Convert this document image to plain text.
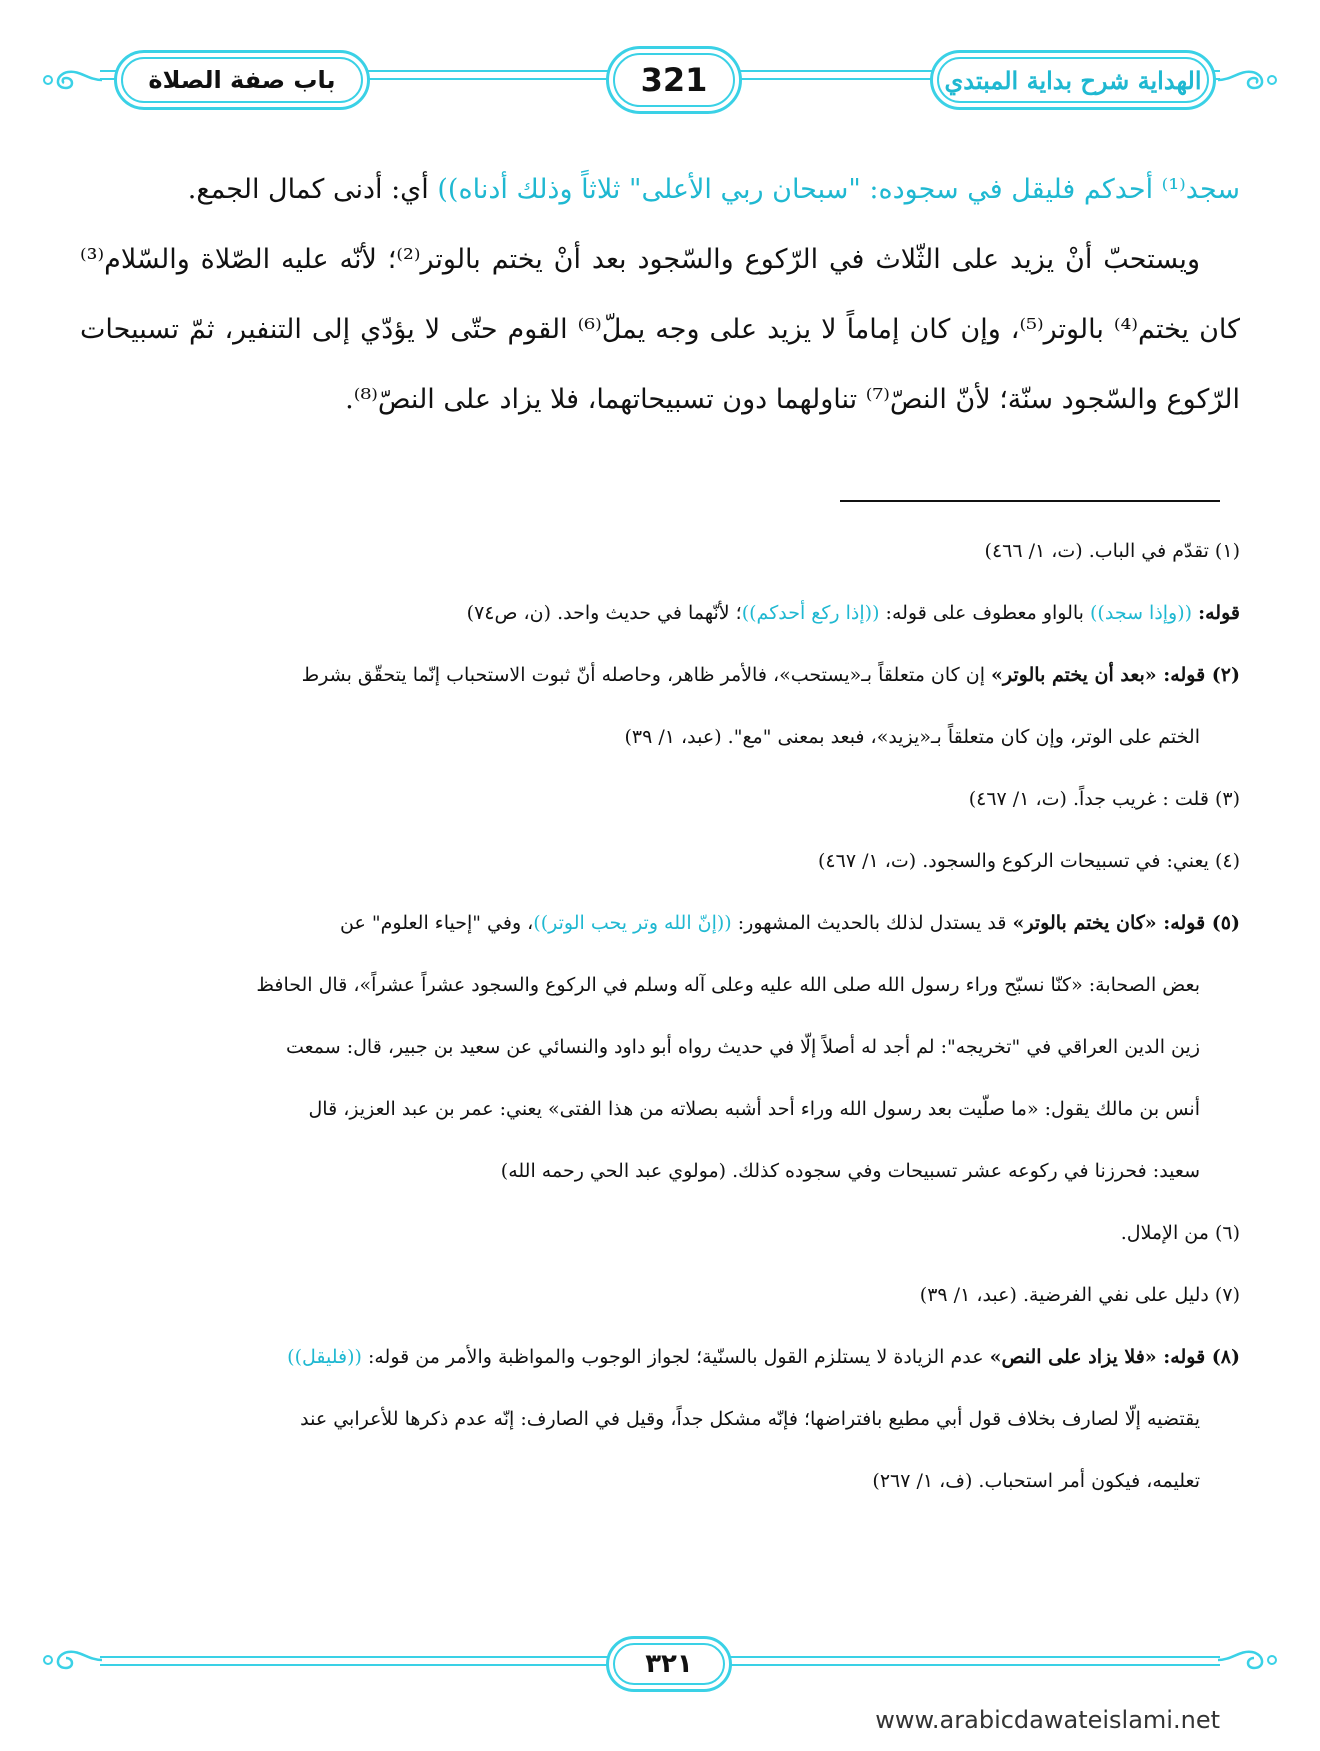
باب صفة الصلاة	321	الهداية شرح بداية المبتدي

سجد⁽¹⁾ أحدكم فليقل في سجوده: "سبحان ربي الأعلى" ثلاثاً وذلك أدناه)) أي: أدنى كمال الجمع.

ويستحبّ أنْ يزيد على الثّلاث في الرّكوع والسّجود بعد أنْ يختم بالوتر⁽²⁾؛ لأنّه عليه الصّلاة والسّلام⁽³⁾ كان يختم⁽⁴⁾ بالوتر⁽⁵⁾، وإن كان إماماً لا يزيد على وجه يملّ⁽⁶⁾ القوم حتّى لا يؤدّي إلى التنفير، ثمّ تسبيحات الرّكوع والسّجود سنّة؛ لأنّ النصّ⁽⁷⁾ تناولهما دون تسبيحاتهما، فلا يزاد على النصّ⁽⁸⁾.

(١) تقدّم في الباب. (ت، ١/ ٤٦٦)

قوله: ((وإذا سجد)) بالواو معطوف على قوله: ((إذا ركع أحدكم))؛ لأنّهما في حديث واحد. (ن، ص٧٤)

(٢) قوله: «بعد أن يختم بالوتر» إن كان متعلقاً بـ«يستحب»، فالأمر ظاهر، وحاصله أنّ ثبوت الاستحباب إنّما يتحقّق بشرط

الختم على الوتر، وإن كان متعلقاً بـ«يزيد»، فبعد بمعنى "مع". (عبد، ١/ ٣٩)

(٣) قلت : غريب جداً. (ت، ١/ ٤٦٧)

(٤) يعني: في تسبيحات الركوع والسجود. (ت، ١/ ٤٦٧)

(٥) قوله: «كان يختم بالوتر» قد يستدل لذلك بالحديث المشهور: ((إنّ الله وتر يحب الوتر))، وفي "إحياء العلوم" عن

بعض الصحابة: «كنّا نسبّح وراء رسول الله صلى الله عليه وعلى آله وسلم في الركوع والسجود عشراً عشراً»، قال الحافظ

زين الدين العراقي في "تخريجه": لم أجد له أصلاً إلّا في حديث رواه أبو داود والنسائي عن سعيد بن جبير، قال: سمعت

أنس بن مالك يقول: «ما صلّيت بعد رسول الله وراء أحد أشبه بصلاته من هذا الفتى» يعني: عمر بن عبد العزيز، قال

سعيد: فحرزنا في ركوعه عشر تسبيحات وفي سجوده كذلك. (مولوي عبد الحي رحمه الله)

(٦) من الإملال.

(٧) دليل على نفي الفرضية. (عبد، ١/ ٣٩)

(٨) قوله: «فلا يزاد على النص» عدم الزيادة لا يستلزم القول بالسنّية؛ لجواز الوجوب والمواظبة والأمر من قوله: ((فليقل))

يقتضيه إلّا لصارف بخلاف قول أبي مطيع بافتراضها؛ فإنّه مشكل جداً، وقيل في الصارف: إنّه عدم ذكرها للأعرابي عند

تعليمه، فيكون أمر استحباب. (ف، ١/ ٢٦٧)

٣٢١
www.arabicdawateislami.net
